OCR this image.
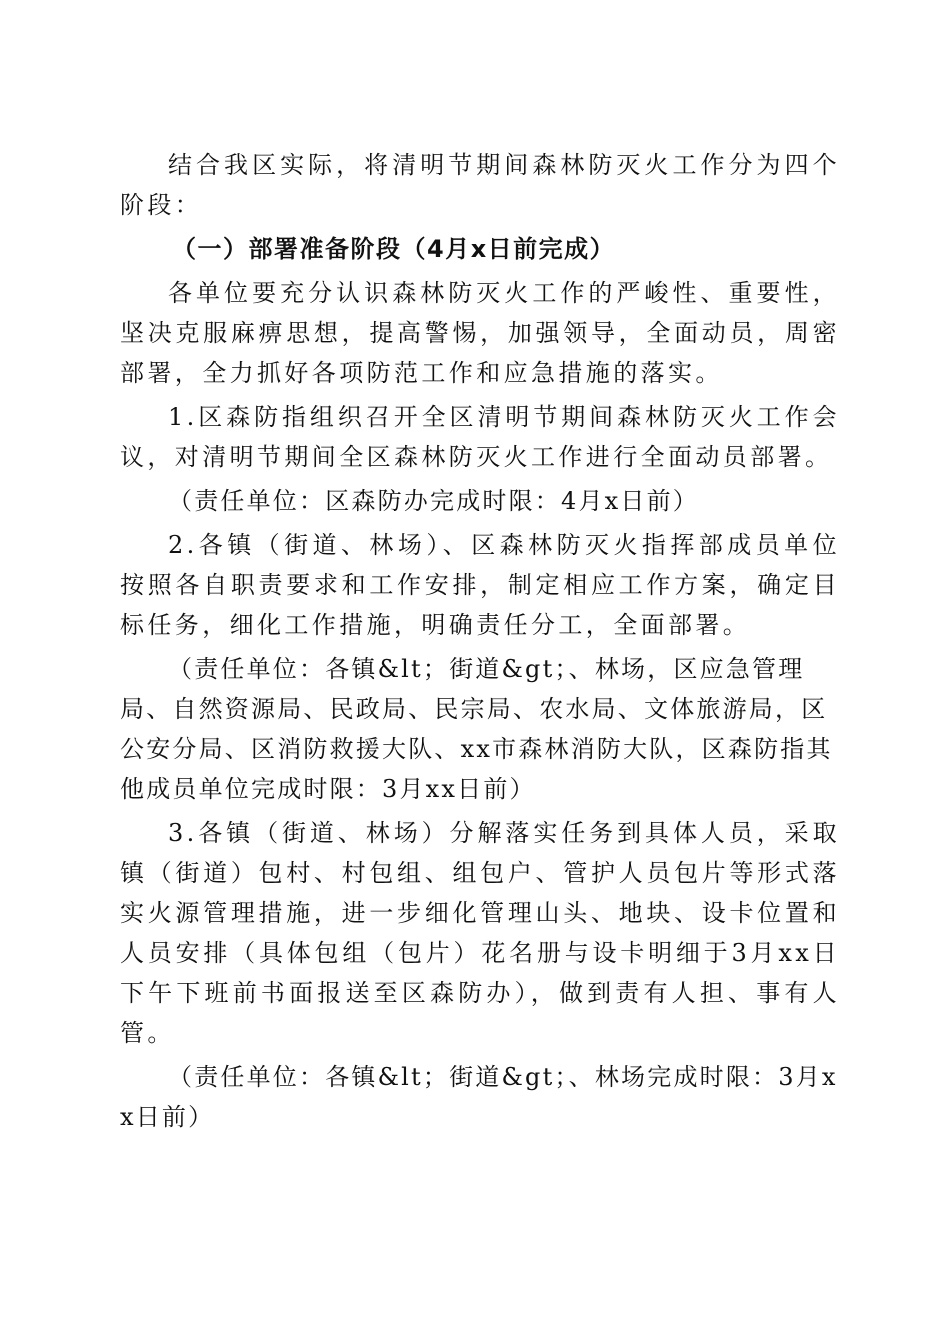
结合我区实际，将清明节期间森林防灭火工作分为四个阶段：

（一）部署准备阶段（4月x日前完成）

各单位要充分认识森林防灭火工作的严峻性、重要性，坚决克服麻痹思想，提高警惕，加强领导，全面动员，周密部署，全力抓好各项防范工作和应急措施的落实。

1.区森防指组织召开全区清明节期间森林防灭火工作会议，对清明节期间全区森林防灭火工作进行全面动员部署。

（责任单位：区森防办完成时限：4月x日前）

2.各镇（街道、林场）、区森林防灭火指挥部成员单位按照各自职责要求和工作安排，制定相应工作方案，确定目标任务，细化工作措施，明确责任分工，全面部署。

（责任单位：各镇&lt；街道&gt；、林场，区应急管理局、自然资源局、民政局、民宗局、农水局、文体旅游局，区公安分局、区消防救援大队、xx市森林消防大队，区森防指其他成员单位完成时限：3月xx日前）

3.各镇（街道、林场）分解落实任务到具体人员，采取镇（街道）包村、村包组、组包户、管护人员包片等形式落实火源管理措施，进一步细化管理山头、地块、设卡位置和人员安排（具体包组（包片）花名册与设卡明细于3月xx日下午下班前书面报送至区森防办），做到责有人担、事有人管。

（责任单位：各镇&lt；街道&gt；、林场完成时限：3月xx日前）
